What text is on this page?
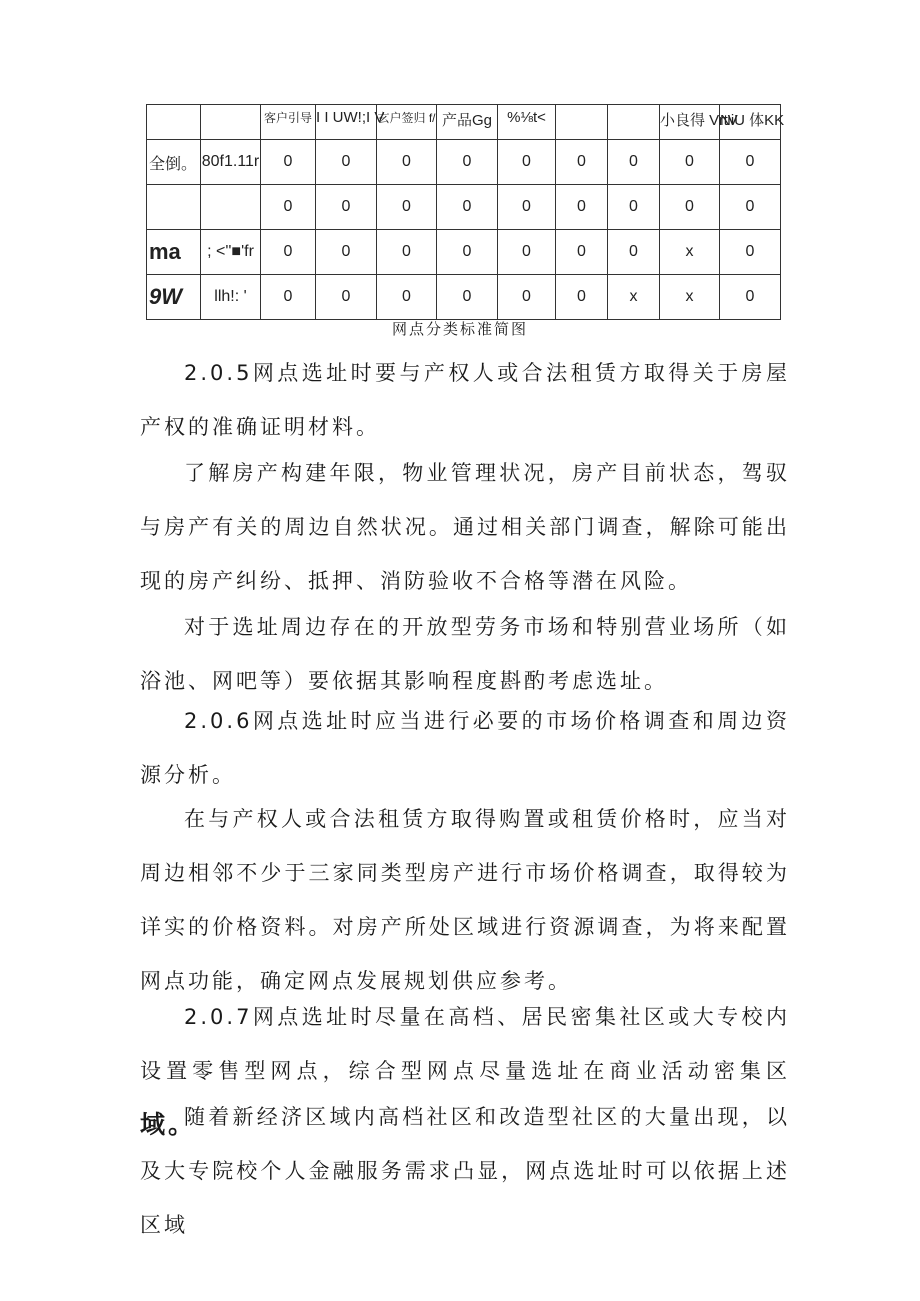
		客户引导	I I UW!;I V	玄户签归 f/	产品Gg	%⅛t<			小良得 VrtV	NiU 体KK
全倒。	80f1.11r	0	0	0	0	0	0	0	0	0
		0	0	0	0	0	0	0	0	0
ma	; <''■'fr	0	0	0	0	0	0	0	x	0
9W	llh!: '	0	0	0	0	0	0	x	x	0
网点分类标准简图

2.0.5网点选址时要与产权人或合法租赁方取得关于房屋产权的准确证明材料。

了解房产构建年限，物业管理状况，房产目前状态，驾驭与房产有关的周边自然状况。通过相关部门调查，解除可能出现的房产纠纷、抵押、消防验收不合格等潜在风险。

对于选址周边存在的开放型劳务市场和特别营业场所（如浴池、网吧等）要依据其影响程度斟酌考虑选址。

2.0.6网点选址时应当进行必要的市场价格调查和周边资源分析。

在与产权人或合法租赁方取得购置或租赁价格时，应当对周边相邻不少于三家同类型房产进行市场价格调查，取得较为详实的价格资料。对房产所处区域进行资源调查，为将来配置网点功能，确定网点发展规划供应参考。

2.0.7网点选址时尽量在高档、居民密集社区或大专校内设置零售型网点，综合型网点尽量选址在商业活动密集区域。

随着新经济区域内高档社区和改造型社区的大量出现，以及大专院校个人金融服务需求凸显，网点选址时可以依据上述区域
